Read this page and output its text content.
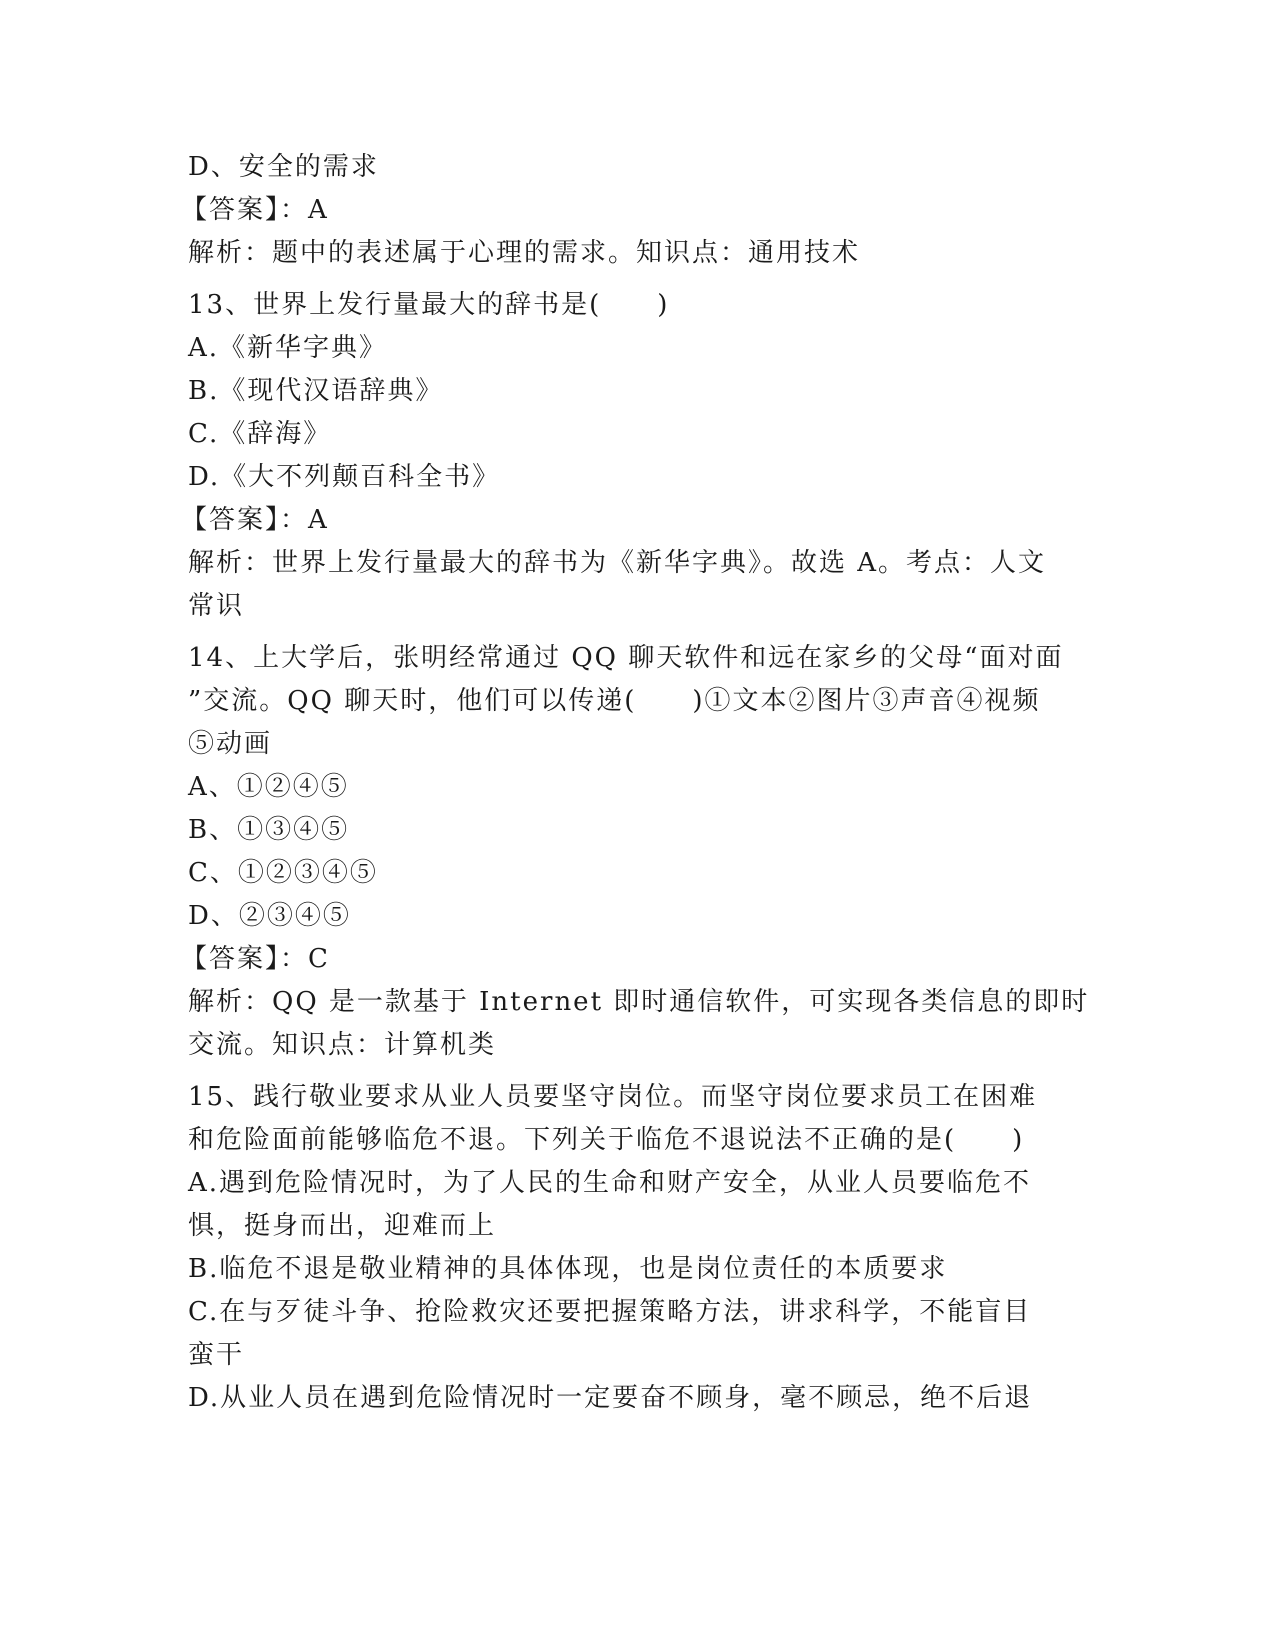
D、安全的需求
【答案】：A
解析：题中的表述属于心理的需求。知识点：通用技术
13、世界上发行量最大的辞书是(　　)
A.《新华字典》
B.《现代汉语辞典》
C.《辞海》
D.《大不列颠百科全书》
【答案】：A
解析：世界上发行量最大的辞书为《新华字典》。故选 A。考点：人文
常识
14、上大学后，张明经常通过 QQ 聊天软件和远在家乡的父母“面对面
”交流。QQ 聊天时，他们可以传递(　　)①文本②图片③声音④视频
⑤动画
A、①②④⑤
B、①③④⑤
C、①②③④⑤
D、②③④⑤
【答案】：C
解析：QQ 是一款基于 Internet 即时通信软件，可实现各类信息的即时
交流。知识点：计算机类
15、践行敬业要求从业人员要坚守岗位。而坚守岗位要求员工在困难
和危险面前能够临危不退。下列关于临危不退说法不正确的是(　　)
A.遇到危险情况时，为了人民的生命和财产安全，从业人员要临危不
惧，挺身而出，迎难而上
B.临危不退是敬业精神的具体体现，也是岗位责任的本质要求
C.在与歹徒斗争、抢险救灾还要把握策略方法，讲求科学，不能盲目
蛮干
D.从业人员在遇到危险情况时一定要奋不顾身，毫不顾忌，绝不后退
